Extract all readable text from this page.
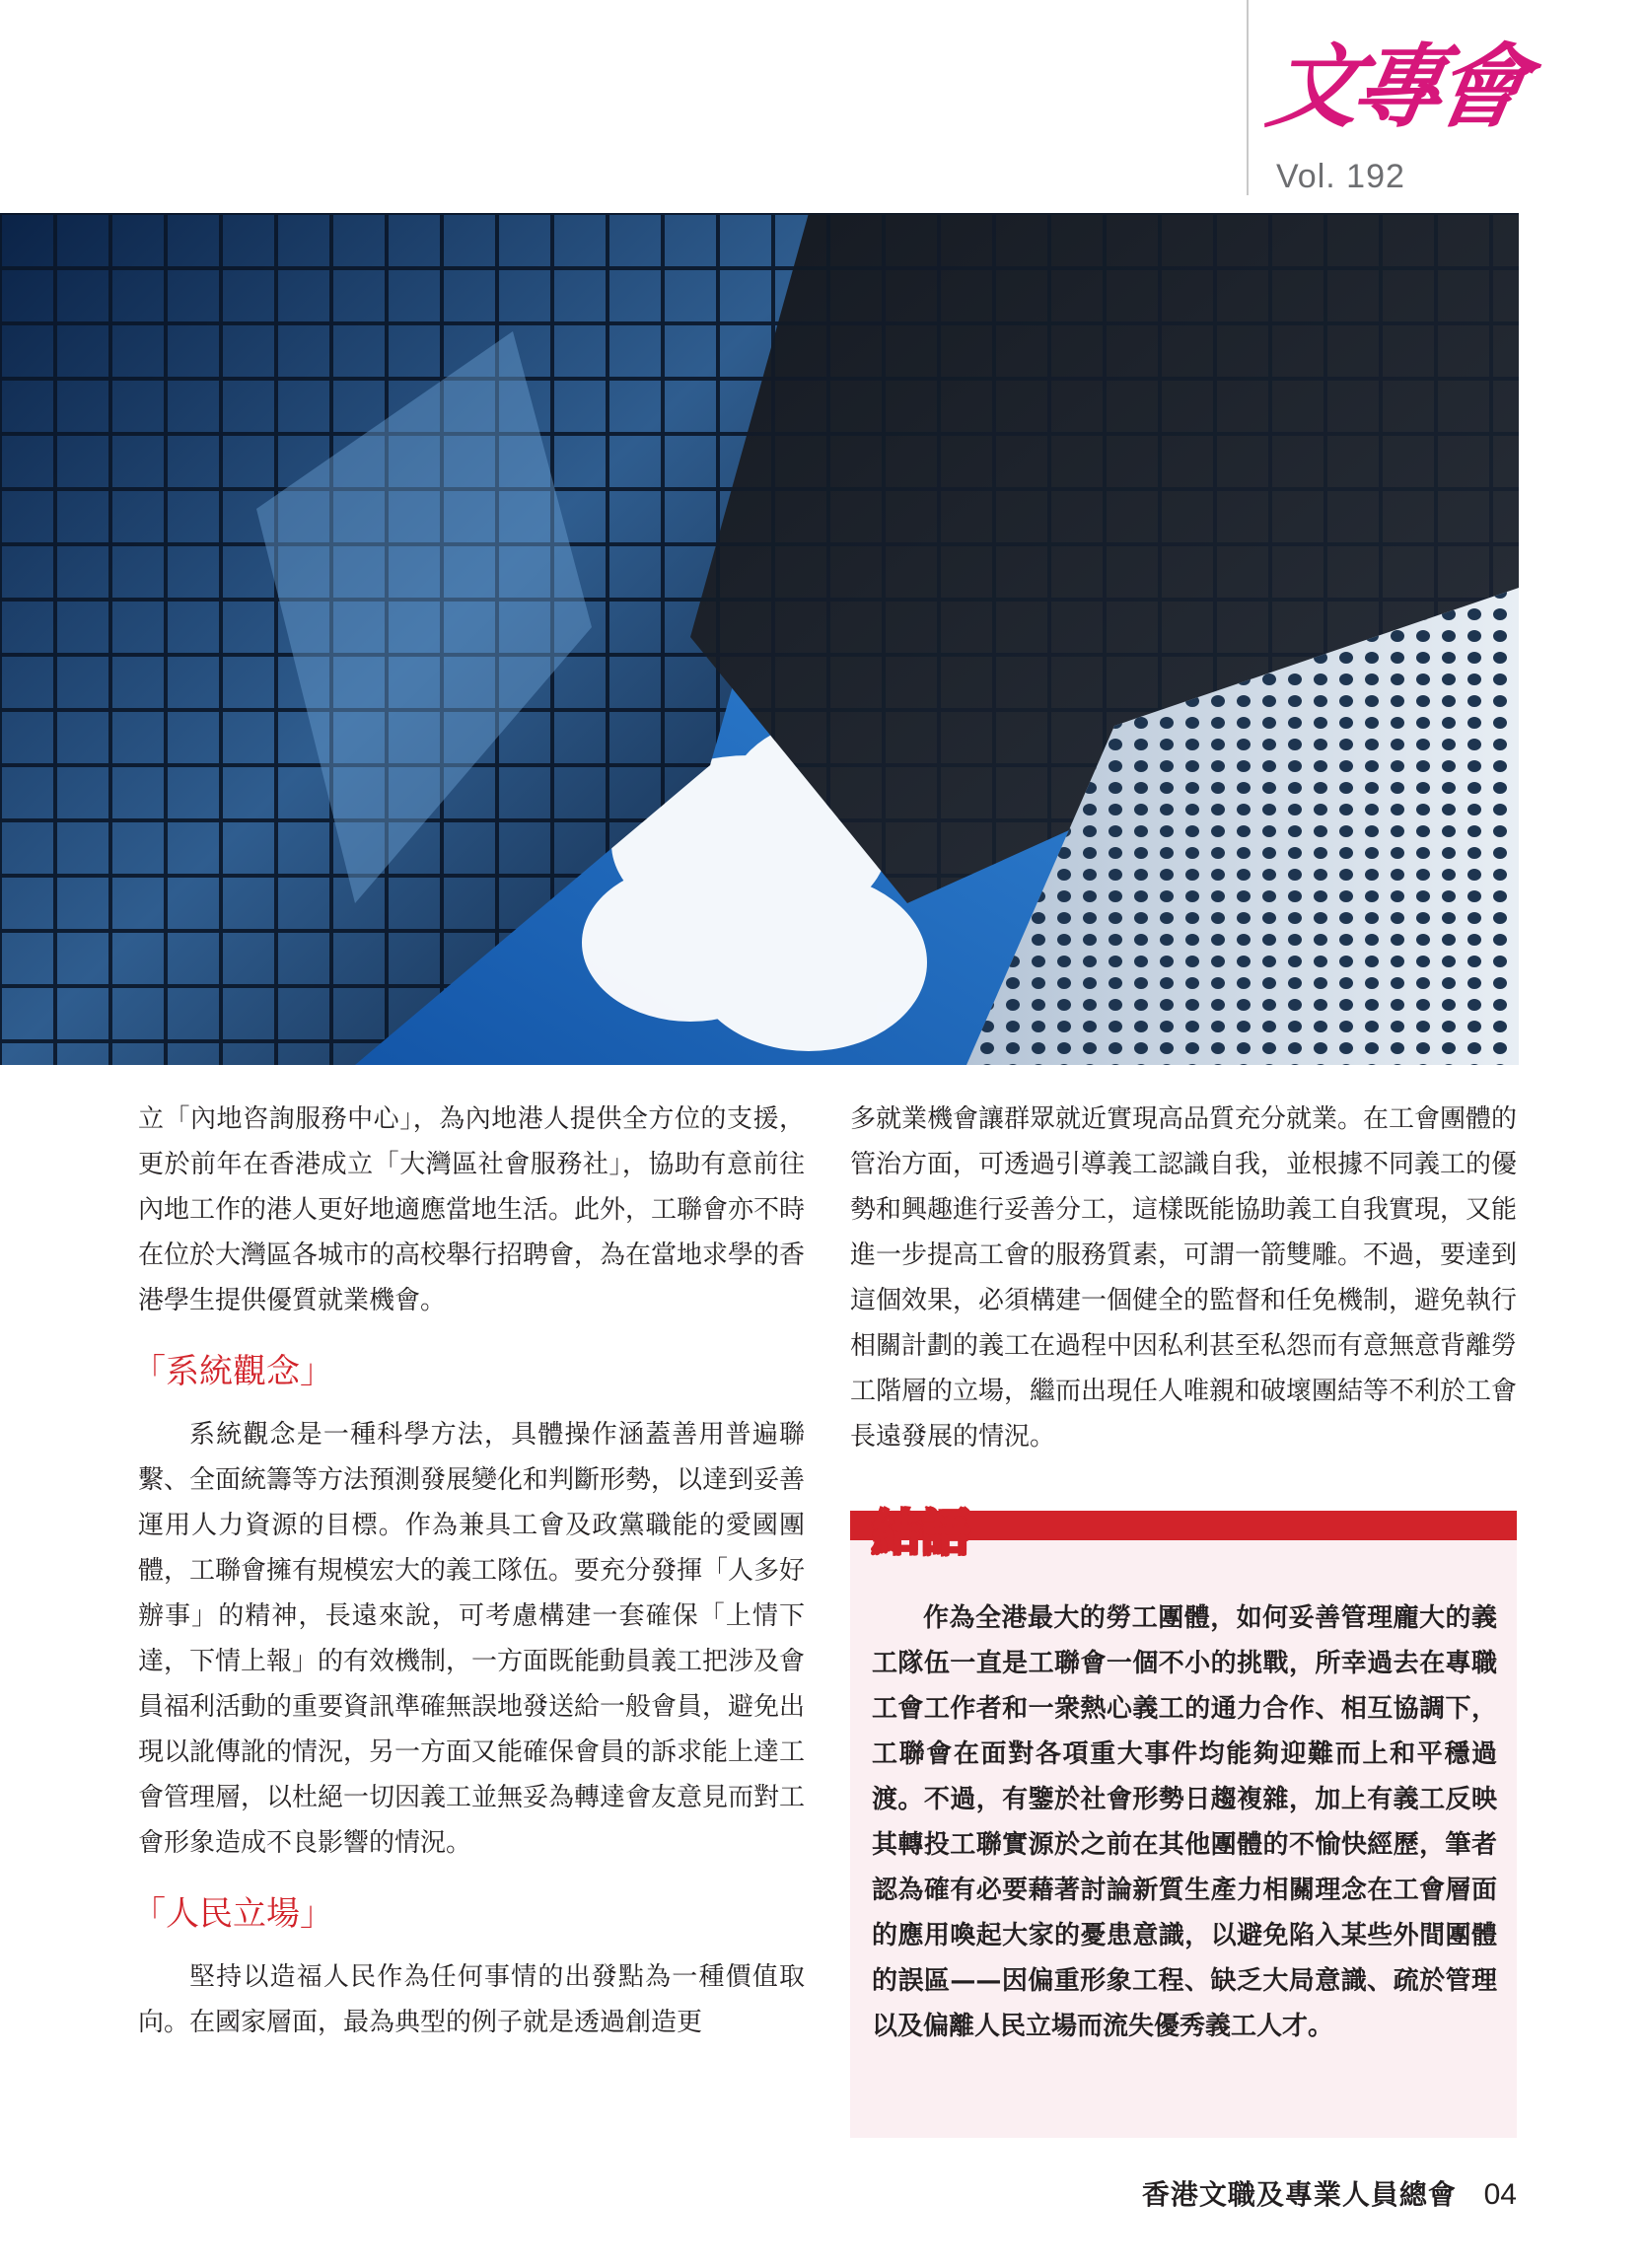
文專會
Vol. 192

立「內地咨詢服務中心」，為內地港人提供全方位的支援，更於前年在香港成立「大灣區社會服務社」，協助有意前往內地工作的港人更好地適應當地生活。此外，工聯會亦不時在位於大灣區各城市的高校舉行招聘會，為在當地求學的香港學生提供優質就業機會。

「系統觀念」

系統觀念是一種科學方法，具體操作涵蓋善用普遍聯繫、全面統籌等方法預測發展變化和判斷形勢，以達到妥善運用人力資源的目標。作為兼具工會及政黨職能的愛國團體，工聯會擁有規模宏大的義工隊伍。要充分發揮「人多好辦事」的精神，長遠來說，可考慮構建一套確保「上情下達，下情上報」的有效機制，一方面既能動員義工把涉及會員福利活動的重要資訊準確無誤地發送給一般會員，避免出現以訛傳訛的情況，另一方面又能確保會員的訴求能上達工會管理層，以杜絕一切因義工並無妥為轉達會友意見而對工會形象造成不良影響的情況。

「人民立場」

堅持以造福人民作為任何事情的出發點為一種價值取向。在國家層面，最為典型的例子就是透過創造更

多就業機會讓群眾就近實現高品質充分就業。在工會團體的管治方面，可透過引導義工認識自我，並根據不同義工的優勢和興趣進行妥善分工，這樣既能協助義工自我實現，又能進一步提高工會的服務質素，可謂一箭雙雕。不過，要達到這個效果，必須構建一個健全的監督和任免機制，避免執行相關計劃的義工在過程中因私利甚至私怨而有意無意背離勞工階層的立場，繼而出現任人唯親和破壞團結等不利於工會長遠發展的情況。

結語
作為全港最大的勞工團體，如何妥善管理龐大的義工隊伍一直是工聯會一個不小的挑戰，所幸過去在專職工會工作者和一衆熱心義工的通力合作、相互協調下，工聯會在面對各項重大事件均能夠迎難而上和平穩過渡。不過，有鑒於社會形勢日趨複雜，加上有義工反映其轉投工聯實源於之前在其他團體的不愉快經歷，筆者認為確有必要藉著討論新質生產力相關理念在工會層面的應用喚起大家的憂患意識，以避免陷入某些外間團體的誤區——因偏重形象工程、缺乏大局意識、疏於管理以及偏離人民立場而流失優秀義工人才。
香港文職及專業人員總會 04
